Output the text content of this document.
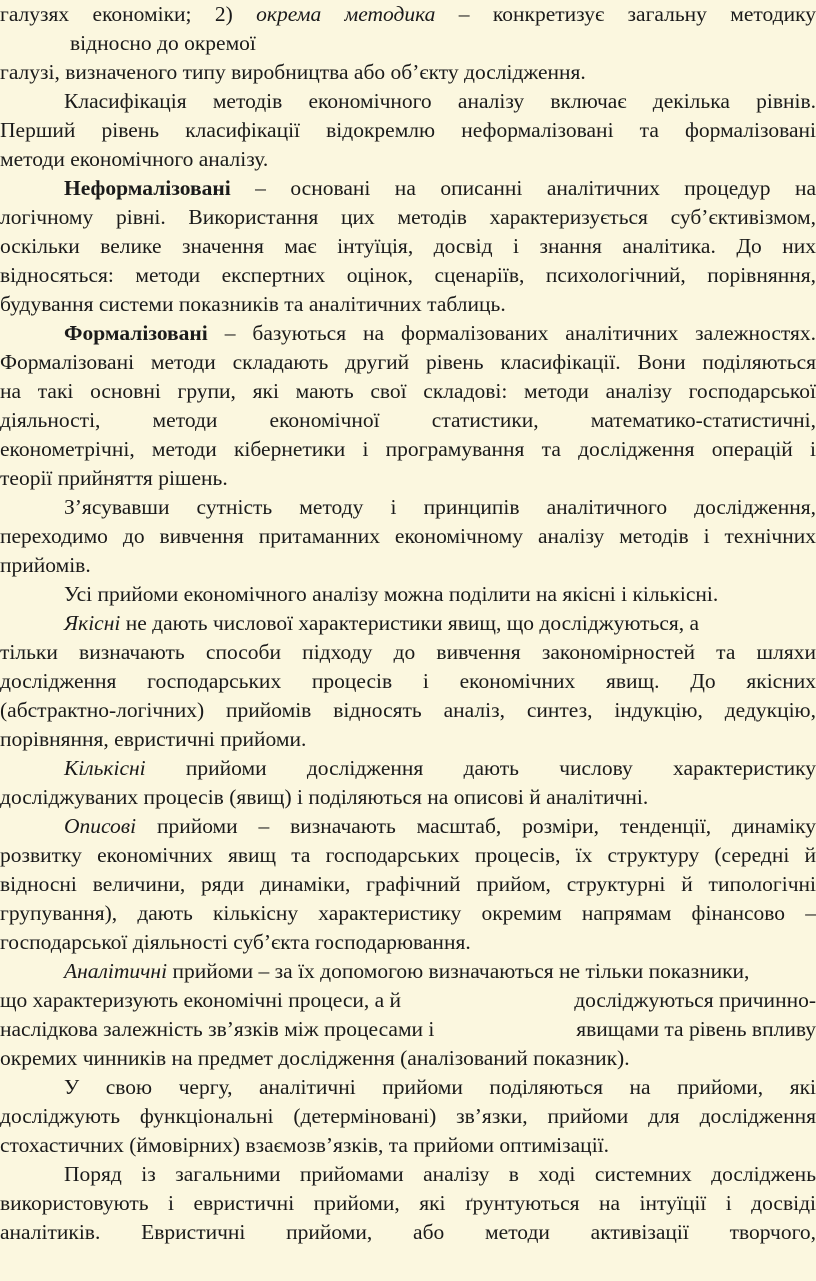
галузях економіки; 2) окрема методика – конкретизує загальну методику
відносно до окремої
галузі, визначеного типу виробництва або об’єкту дослідження.
Класифікація методів економічного аналізу включає декілька рівнів.
Перший рівень класифікації відокремлю неформалізовані та формалізовані
методи економічного аналізу.
Неформалізовані – основані на описанні аналітичних процедур на
логічному рівні. Використання цих методів характеризується суб’єктивізмом,
оскільки велике значення має інтуїція, досвід і знання аналітика. До них
відносяться: методи експертних оцінок, сценаріїв, психологічний, порівняння,
будування системи показників та аналітичних таблиць.
Формалізовані – базуються на формалізованих аналітичних залежностях.
Формалізовані методи складають другий рівень класифікації. Вони поділяються
на такі основні групи, які мають свої складові: методи аналізу господарської
діяльності, методи економічної статистики, математико-статистичні,
економетрічні, методи кібернетики і програмування та дослідження операцій і
теорії прийняття рішень.
З’ясувавши сутність методу і принципів аналітичного дослідження,
переходимо до вивчення притаманних економічному аналізу методів і технічних
прийомів.
Усі прийоми економічного аналізу можна поділити на якісні і кількісні.
Якісні не дають числової характеристики явищ, що досліджуються, а
тільки визначають способи підходу до вивчення закономірностей та шляхи
дослідження господарських процесів і економічних явищ. До якісних
(абстрактно-логічних) прийомів відносять аналіз, синтез, індукцію, дедукцію,
порівняння, евристичні прийоми.
Кількісні прийоми дослідження дають числову характеристику
досліджуваних процесів (явищ) і поділяються на описові й аналітичні.
Описові прийоми – визначають масштаб, розміри, тенденції, динаміку
розвитку економічних явищ та господарських процесів, їх структуру (середні й
відносні величини, ряди динаміки, графічний прийом, структурні й типологічні
групування), дають кількісну характеристику окремим напрямам фінансово –
господарської діяльності суб’єкта господарювання.
Аналітичні прийоми – за їх допомогою визначаються не тільки показники,
що характеризують економічні процеси, а й	досліджуються причинно-
наслідкова залежність зв’язків між процесами і	явищами та рівень впливу
окремих чинників на предмет дослідження (аналізований показник).
У свою чергу, аналітичні прийоми поділяються на прийоми, які
досліджують функціональні (детерміновані) зв’язки, прийоми для дослідження
стохастичних (ймовірних) взаємозв’язків, та прийоми оптимізації.
Поряд із загальними прийомами аналізу в ході системних досліджень
використовують і евристичні прийоми, які ґрунтуються на інтуїції і досвіді
аналітиків. Евристичні прийоми, або методи активізації творчого,
